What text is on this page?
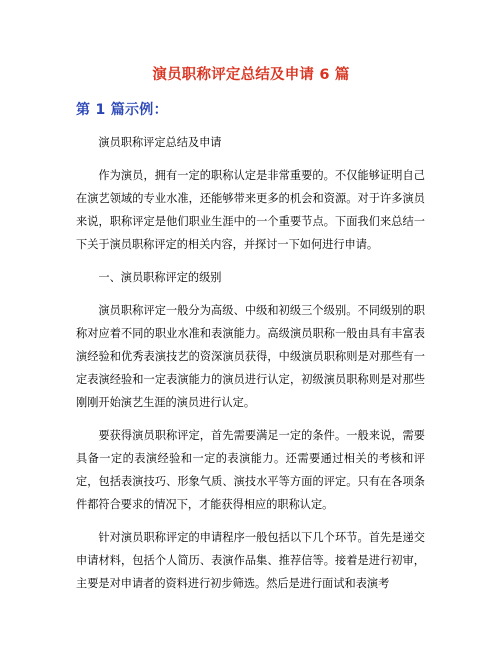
演员职称评定总结及申请 6 篇
第 1 篇示例：

演员职称评定总结及申请

作为演员，拥有一定的职称认定是非常重要的。不仅能够证明自己在演艺领域的专业水准，还能够带来更多的机会和资源。对于许多演员来说，职称评定是他们职业生涯中的一个重要节点。下面我们来总结一下关于演员职称评定的相关内容，并探讨一下如何进行申请。

一、演员职称评定的级别

演员职称评定一般分为高级、中级和初级三个级别。不同级别的职称对应着不同的职业水准和表演能力。高级演员职称一般由具有丰富表演经验和优秀表演技艺的资深演员获得，中级演员职称则是对那些有一定表演经验和一定表演能力的演员进行认定，初级演员职称则是对那些刚刚开始演艺生涯的演员进行认定。

要获得演员职称评定，首先需要满足一定的条件。一般来说，需要具备一定的表演经验和一定的表演能力。还需要通过相关的考核和评定，包括表演技巧、形象气质、演技水平等方面的评定。只有在各项条件都符合要求的情况下，才能获得相应的职称认定。

针对演员职称评定的申请程序一般包括以下几个环节。首先是递交申请材料，包括个人简历、表演作品集、推荐信等。接着是进行初审，主要是对申请者的资料进行初步筛选。然后是进行面试和表演考
